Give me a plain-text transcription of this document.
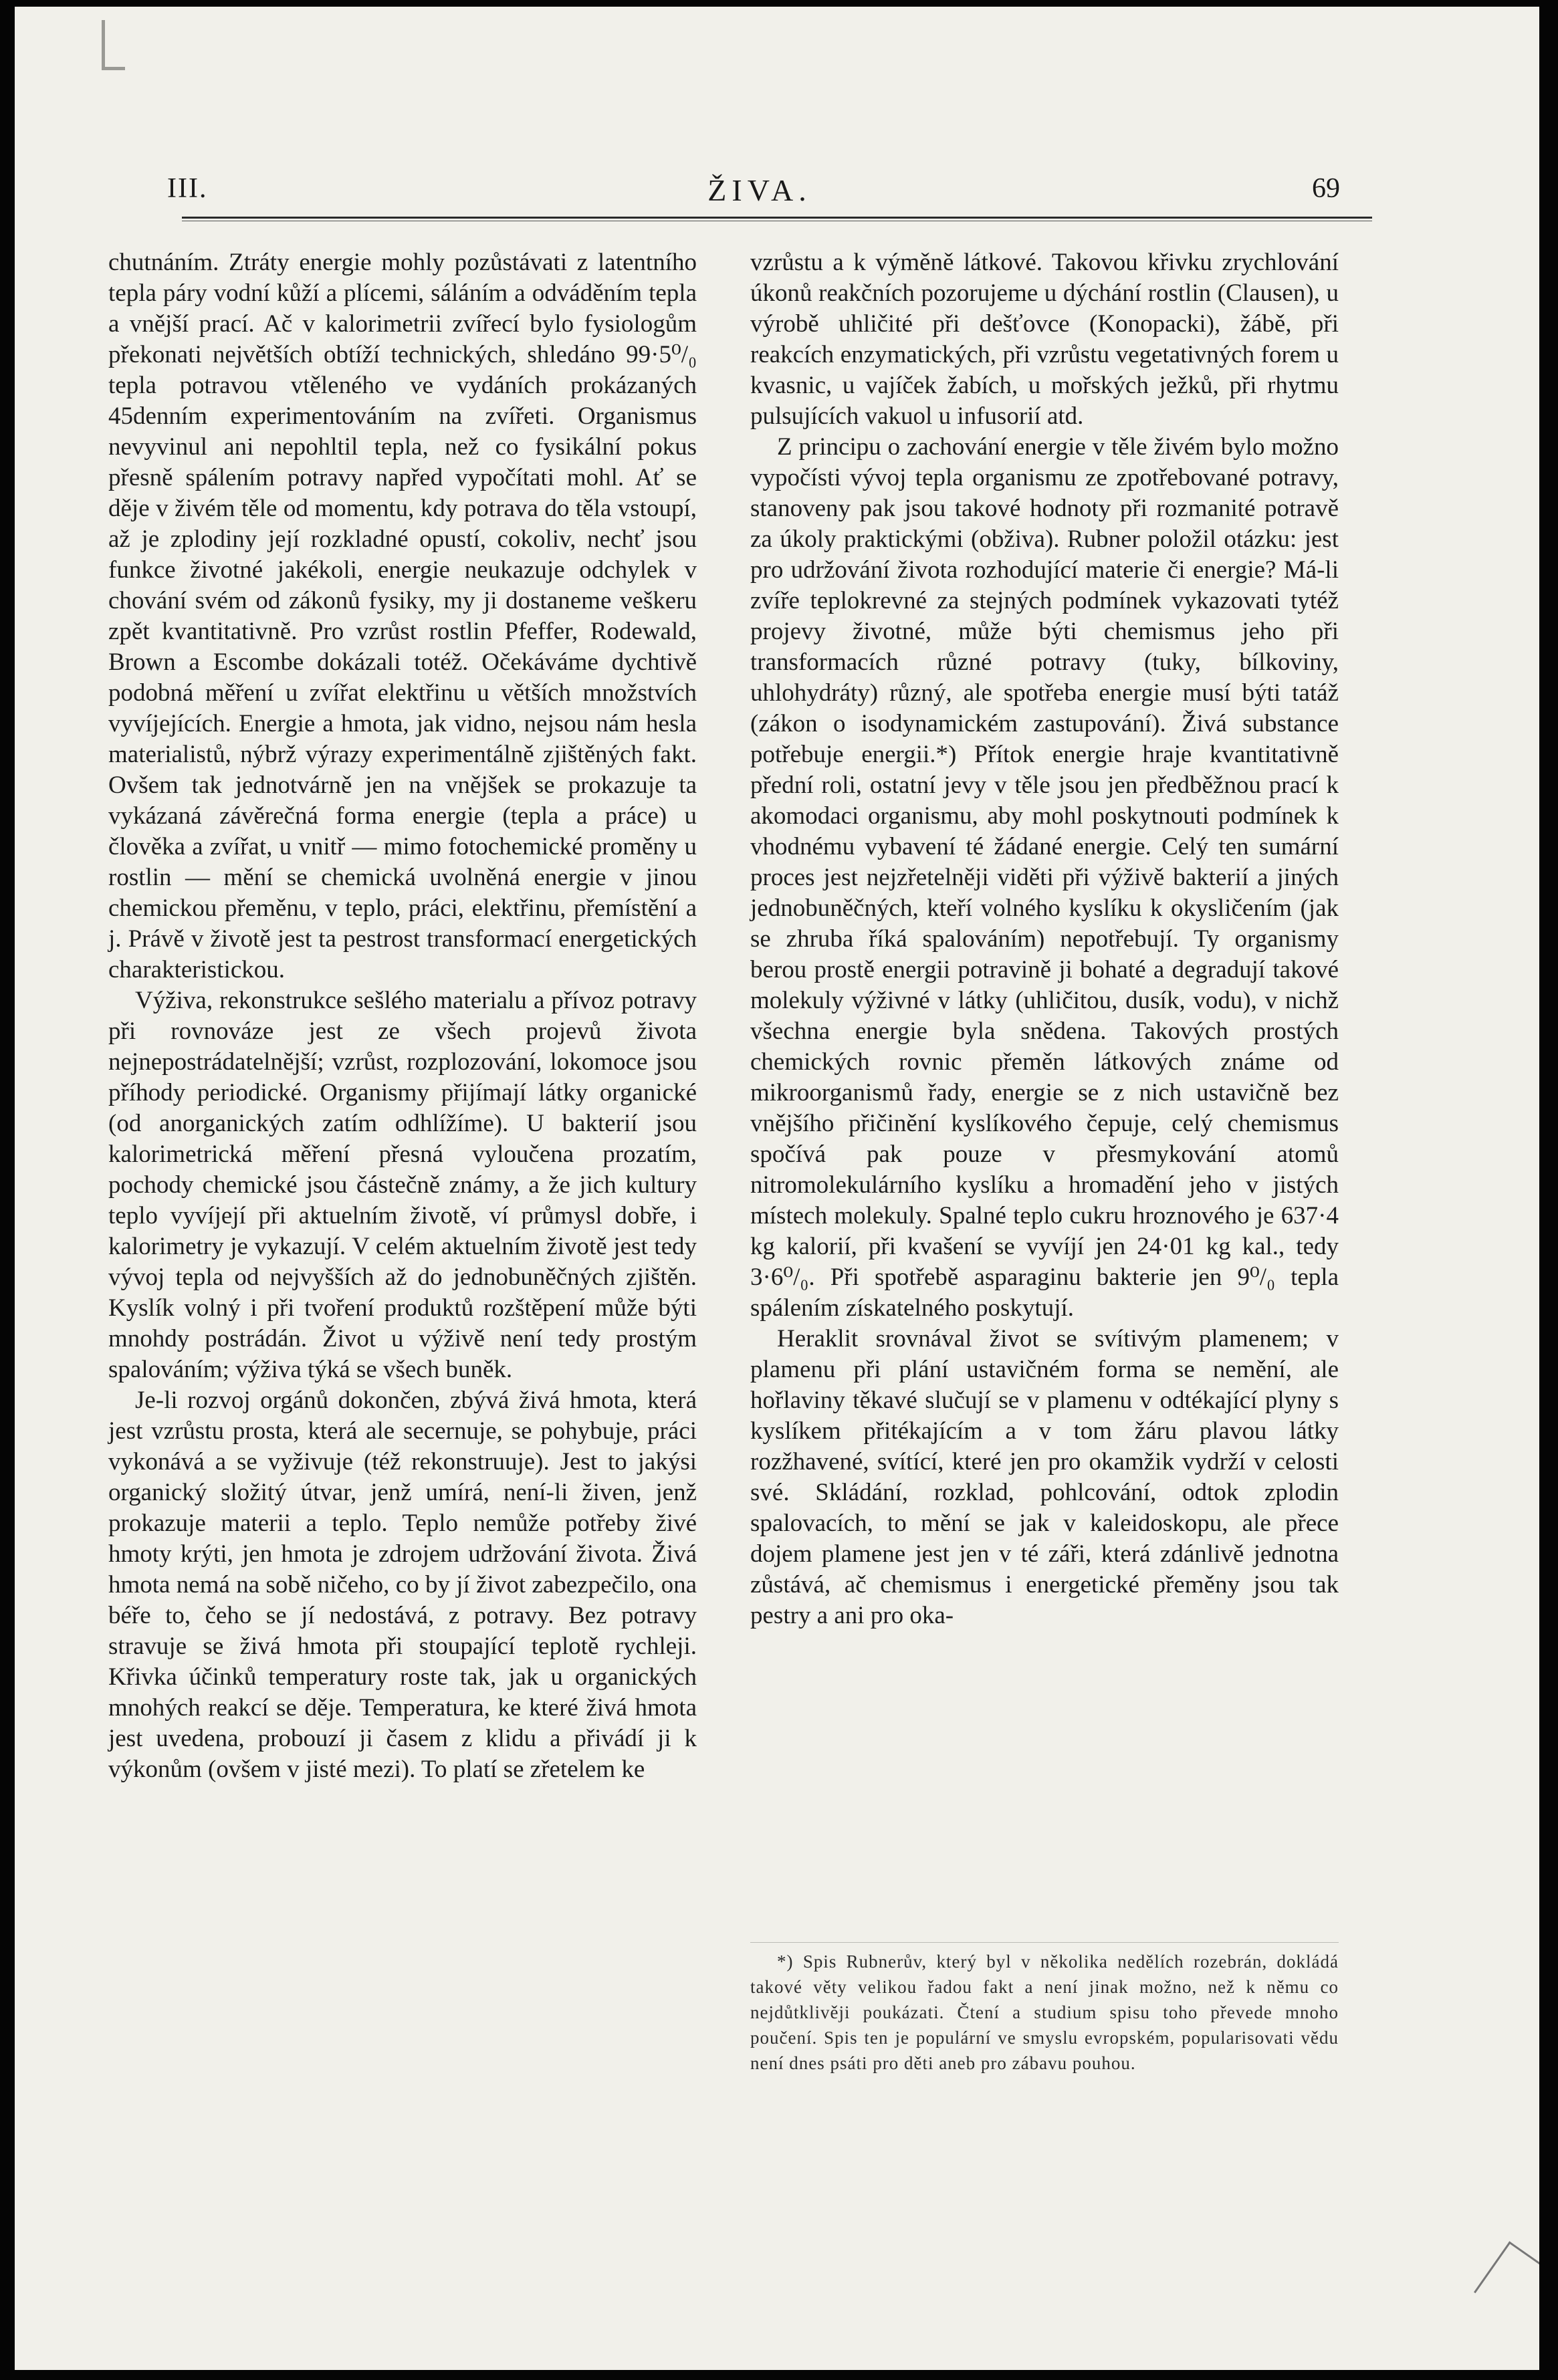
III.	ŽIVA.	69

chutnáním. Ztráty energie mohly pozůstávati z latentního tepla páry vodní kůží a plícemi, sáláním a odváděním tepla a vnější prací. Ač v kalorimetrii zvířecí bylo fysiologům překonati největších obtíží technických, shledáno 99·5⁰/₀ tepla potravou vtěleného ve vydáních prokázaných 45denním experimentováním na zvířeti. Organismus nevyvinul ani nepohltil tepla, než co fysikální pokus přesně spálením potravy napřed vypočítati mohl. Ať se děje v živém těle od momentu, kdy potrava do těla vstoupí, až je zplodiny její rozkladné opustí, cokoliv, nechť jsou funkce životné jakékoli, energie neukazuje odchylek v chování svém od zákonů fysiky, my ji dostaneme veškeru zpět kvantitativně. Pro vzrůst rostlin Pfeffer, Rodewald, Brown a Escombe dokázali totéž. Očekáváme dychtivě podobná měření u zvířat elektřinu u větších množstvích vyvíjejících. Energie a hmota, jak vidno, nejsou nám hesla materialistů, nýbrž výrazy experimentálně zjištěných fakt. Ovšem tak jednotvárně jen na vnějšek se prokazuje ta vykázaná závěrečná forma energie (tepla a práce) u člověka a zvířat, u vnitř — mimo fotochemické proměny u rostlin — mění se chemická uvolněná energie v jinou chemickou přeměnu, v teplo, práci, elektřinu, přemístění a j. Právě v životě jest ta pestrost transformací energetických charakteristickou.

Výživa, rekonstrukce sešlého materialu a přívoz potravy při rovnováze jest ze všech projevů života nejnepostrádatelnější; vzrůst, rozplozování, lokomoce jsou příhody periodické. Organismy přijímají látky organické (od anorganických zatím odhlížíme). U bakterií jsou kalorimetrická měření přesná vyloučena prozatím, pochody chemické jsou částečně známy, a že jich kultury teplo vyvíjejí při aktuelním životě, ví průmysl dobře, i kalorimetry je vykazují. V celém aktuelním životě jest tedy vývoj tepla od nejvyšších až do jednobuněčných zjištěn. Kyslík volný i při tvoření produktů rozštěpení může býti mnohdy postrádán. Život u výživě není tedy prostým spalováním; výživa týká se všech buněk.

Je-li rozvoj orgánů dokončen, zbývá živá hmota, která jest vzrůstu prosta, která ale secernuje, se pohybuje, práci vykonává a se vyživuje (též rekonstruuje). Jest to jakýsi organický složitý útvar, jenž umírá, není-li živen, jenž prokazuje materii a teplo. Teplo nemůže potřeby živé hmoty krýti, jen hmota je zdrojem udržování života. Živá hmota nemá na sobě ničeho, co by jí život zabezpečilo, ona béře to, čeho se jí nedostává, z potravy. Bez potravy stravuje se živá hmota při stoupající teplotě rychleji. Křivka účinků temperatury roste tak, jak u organických mnohých reakcí se děje. Temperatura, ke které živá hmota jest uvedena, probouzí ji časem z klidu a přivádí ji k výkonům (ovšem v jisté mezi). To platí se zřetelem ke

vzrůstu a k výměně látkové. Takovou křivku zrychlování úkonů reakčních pozorujeme u dýchání rostlin (Clausen), u výrobě uhličité při dešťovce (Konopacki), žábě, při reakcích enzymatických, při vzrůstu vegetativných forem u kvasnic, u vajíček žabích, u mořských ježků, při rhytmu pulsujících vakuol u infusorií atd.

Z principu o zachování energie v těle živém bylo možno vypočísti vývoj tepla organismu ze zpotřebované potravy, stanoveny pak jsou takové hodnoty při rozmanité potravě za úkoly praktickými (obživa). Rubner položil otázku: jest pro udržování života rozhodující materie či energie? Má-li zvíře teplokrevné za stejných podmínek vykazovati tytéž projevy životné, může býti chemismus jeho při transformacích různé potravy (tuky, bílkoviny, uhlohydráty) různý, ale spotřeba energie musí býti tatáž (zákon o isodynamickém zastupování). Živá substance potřebuje energii.*) Přítok energie hraje kvantitativně přední roli, ostatní jevy v těle jsou jen předběžnou prací k akomodaci organismu, aby mohl poskytnouti podmínek k vhodnému vybavení té žádané energie. Celý ten sumární proces jest nejzřetelněji viděti při výživě bakterií a jiných jednobuněčných, kteří volného kyslíku k okysličením (jak se zhruba říká spalováním) nepotřebují. Ty organismy berou prostě energii potravině ji bohaté a degradují takové molekuly výživné v látky (uhličitou, dusík, vodu), v nichž všechna energie byla snědena. Takových prostých chemických rovnic přeměn látkových známe od mikroorganismů řady, energie se z nich ustavičně bez vnějšího přičinění kyslíkového čepuje, celý chemismus spočívá pak pouze v přesmykování atomů nitromolekulárního kyslíku a hromadění jeho v jistých místech molekuly. Spalné teplo cukru hroznového je 637·4 kg kalorií, při kvašení se vyvíjí jen 24·01 kg kal., tedy 3·6⁰/₀. Při spotřebě asparaginu bakterie jen 9⁰/₀ tepla spálením získatelného poskytují.

Heraklit srovnával život se svítivým plamenem; v plamenu při plání ustavičném forma se nemění, ale hořlaviny těkavé slučují se v plamenu v odtékající plyny s kyslíkem přitékajícím a v tom žáru plavou látky rozžhavené, svítící, které jen pro okamžik vydrží v celosti své. Skládání, rozklad, pohlcování, odtok zplodin spalovacích, to mění se jak v kaleidoskopu, ale přece dojem plamene jest jen v té záři, která zdánlivě jednotna zůstává, ač chemismus i energetické přeměny jsou tak pestry a ani pro oka-

*) Spis Rubnerův, který byl v několika nedělích rozebrán, dokládá takové věty velikou řadou fakt a není jinak možno, než k němu co nejdůtklivěji poukázati. Čtení a studium spisu toho převede mnoho poučení. Spis ten je populární ve smyslu evropském, popularisovati vědu není dnes psáti pro děti aneb pro zábavu pouhou.
